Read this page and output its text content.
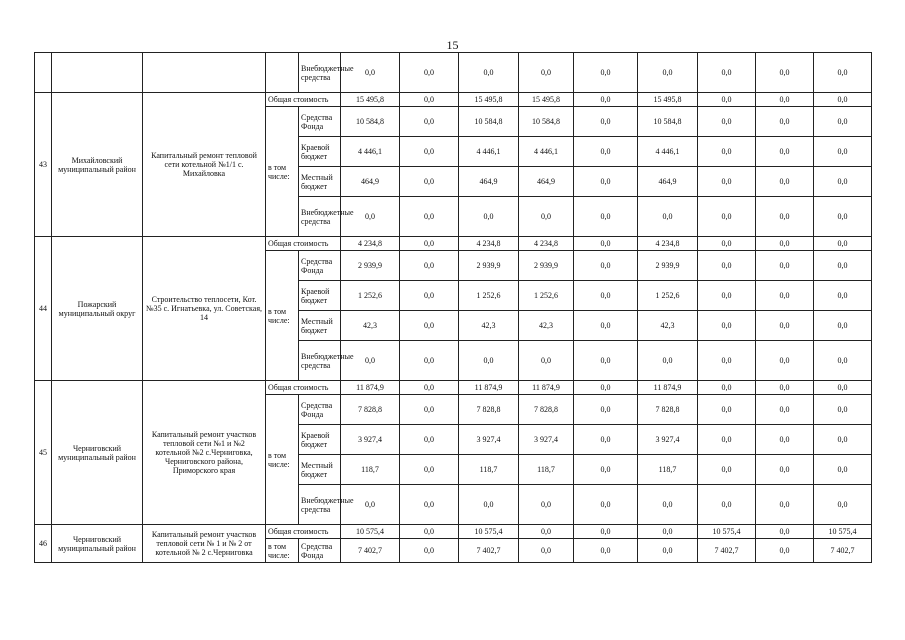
15
				Внебюджетные средства	0,0	0,0	0,0	0,0	0,0	0,0	0,0	0,0	0,0
43	Михайловский муниципальный район	Капитальный ремонт тепловой сети котельной №1/1 с. Михайловка	Общая стоимость		15 495,8	0,0	15 495,8	15 495,8	0,0	15 495,8	0,0	0,0	0,0
			в том числе:	Средства Фонда	10 584,8	0,0	10 584,8	10 584,8	0,0	10 584,8	0,0	0,0	0,0
				Краевой бюджет	4 446,1	0,0	4 446,1	4 446,1	0,0	4 446,1	0,0	0,0	0,0
				Местный бюджет	464,9	0,0	464,9	464,9	0,0	464,9	0,0	0,0	0,0
				Внебюджетные средства	0,0	0,0	0,0	0,0	0,0	0,0	0,0	0,0	0,0
44	Пожарский муниципальный округ	Строительство теплосети, Кот. №35 с. Игнатьевка, ул. Советская, 14	Общая стоимость		4 234,8	0,0	4 234,8	4 234,8	0,0	4 234,8	0,0	0,0	0,0
			в том числе:	Средства Фонда	2 939,9	0,0	2 939,9	2 939,9	0,0	2 939,9	0,0	0,0	0,0
				Краевой бюджет	1 252,6	0,0	1 252,6	1 252,6	0,0	1 252,6	0,0	0,0	0,0
				Местный бюджет	42,3	0,0	42,3	42,3	0,0	42,3	0,0	0,0	0,0
				Внебюджетные средства	0,0	0,0	0,0	0,0	0,0	0,0	0,0	0,0	0,0
45	Черниговский муниципальный район	Капитальный ремонт участков тепловой сети №1 и №2 котельной №2 с.Черниговка, Черниговского района, Приморского края	Общая стоимость		11 874,9	0,0	11 874,9	11 874,9	0,0	11 874,9	0,0	0,0	0,0
			в том числе:	Средства Фонда	7 828,8	0,0	7 828,8	7 828,8	0,0	7 828,8	0,0	0,0	0,0
				Краевой бюджет	3 927,4	0,0	3 927,4	3 927,4	0,0	3 927,4	0,0	0,0	0,0
				Местный бюджет	118,7	0,0	118,7	118,7	0,0	118,7	0,0	0,0	0,0
				Внебюджетные средства	0,0	0,0	0,0	0,0	0,0	0,0	0,0	0,0	0,0
46	Черниговский муниципальный район	Капитальный ремонт участков тепловой сети № 1 и № 2 от котельной № 2 с.Черниговка	Общая стоимость		10 575,4	0,0	10 575,4	0,0	0,0	0,0	10 575,4	0,0	10 575,4
			в том числе:	Средства Фонда	7 402,7	0,0	7 402,7	0,0	0,0	0,0	7 402,7	0,0	7 402,7
